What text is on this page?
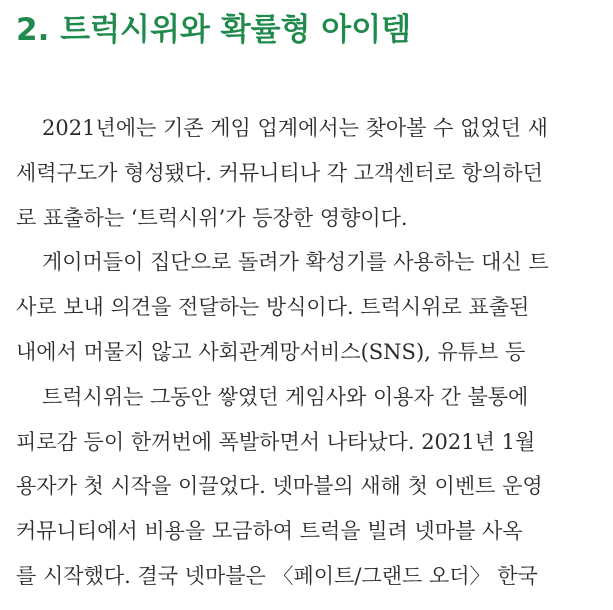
2. 트럭시위와 확률형 아이템
2021년에는 기존 게임 업계에서는 찾아볼 수 없었던 새
세력구도가 형성됐다. 커뮤니티나 각 고객센터로 항의하던
로 표출하는 ‘트럭시위’가 등장한 영향이다.
게이머들이 집단으로 돌려가 확성기를 사용하는 대신 트
사로 보내 의견을 전달하는 방식이다. 트럭시위로 표출된
내에서 머물지 않고 사회관계망서비스(SNS), 유튜브 등
트럭시위는 그동안 쌓였던 게임사와 이용자 간 불통에
피로감 등이 한꺼번에 폭발하면서 나타났다. 2021년 1월
용자가 첫 시작을 이끌었다. 넷마블의 새해 첫 이벤트 운영
커뮤니티에서 비용을 모금하여 트럭을 빌려 넷마블 사옥
를 시작했다. 결국 넷마블은 〈페이트/그랜드 오더〉 한국
